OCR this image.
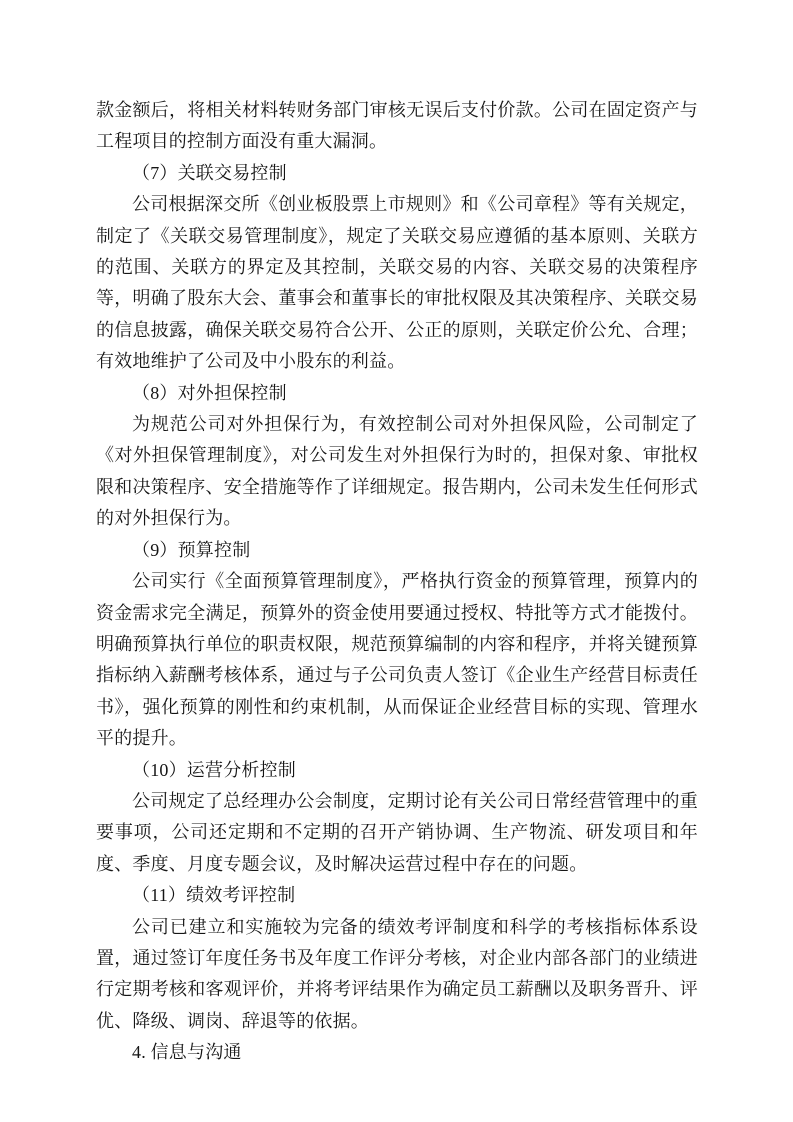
款金额后，将相关材料转财务部门审核无误后支付价款。公司在固定资产与工程项目的控制方面没有重大漏洞。

（7）关联交易控制

公司根据深交所《创业板股票上市规则》和《公司章程》等有关规定，制定了《关联交易管理制度》，规定了关联交易应遵循的基本原则、关联方的范围、关联方的界定及其控制，关联交易的内容、关联交易的决策程序等，明确了股东大会、董事会和董事长的审批权限及其决策程序、关联交易的信息披露，确保关联交易符合公开、公正的原则，关联定价公允、合理；有效地维护了公司及中小股东的利益。

（8）对外担保控制

为规范公司对外担保行为，有效控制公司对外担保风险，公司制定了《对外担保管理制度》，对公司发生对外担保行为时的，担保对象、审批权限和决策程序、安全措施等作了详细规定。报告期内，公司未发生任何形式的对外担保行为。

（9）预算控制

公司实行《全面预算管理制度》，严格执行资金的预算管理，预算内的资金需求完全满足，预算外的资金使用要通过授权、特批等方式才能拨付。明确预算执行单位的职责权限，规范预算编制的内容和程序，并将关键预算指标纳入薪酬考核体系，通过与子公司负责人签订《企业生产经营目标责任书》，强化预算的刚性和约束机制，从而保证企业经营目标的实现、管理水平的提升。

（10）运营分析控制

公司规定了总经理办公会制度，定期讨论有关公司日常经营管理中的重要事项，公司还定期和不定期的召开产销协调、生产物流、研发项目和年度、季度、月度专题会议，及时解决运营过程中存在的问题。

（11）绩效考评控制

公司已建立和实施较为完备的绩效考评制度和科学的考核指标体系设置，通过签订年度任务书及年度工作评分考核，对企业内部各部门的业绩进行定期考核和客观评价，并将考评结果作为确定员工薪酬以及职务晋升、评优、降级、调岗、辞退等的依据。

4. 信息与沟通
